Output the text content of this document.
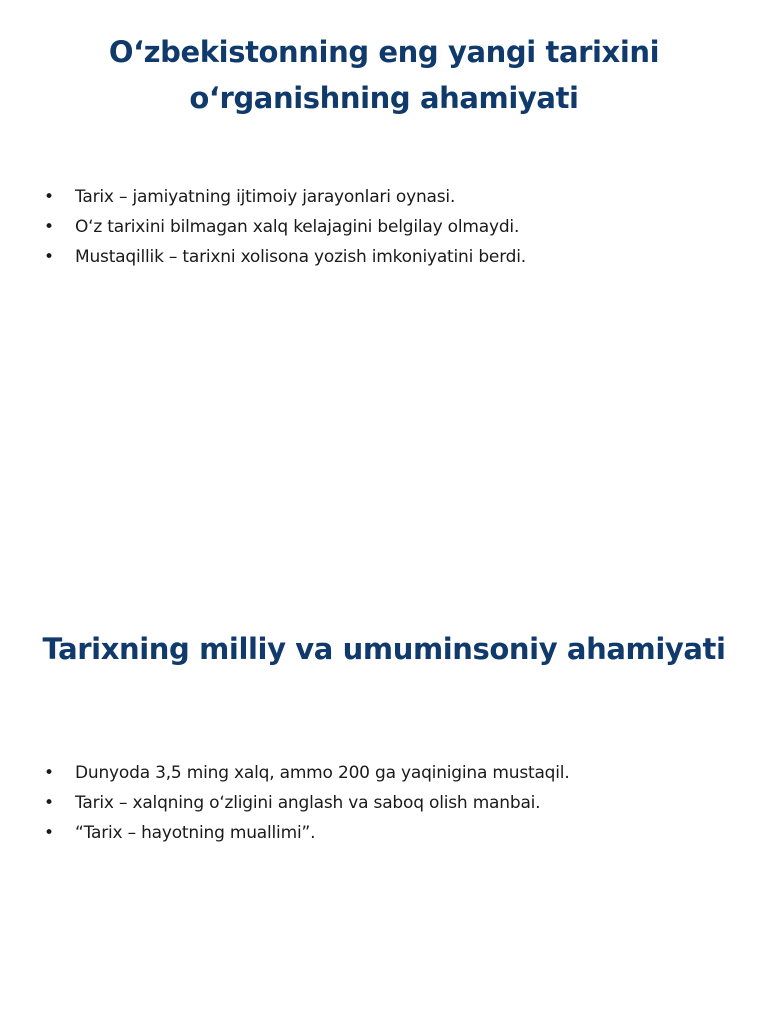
O‘zbekistonning eng yangi tarixini
o‘rganishning ahamiyati
•	Tarix – jamiyatning ijtimoiy jarayonlari oynasi.
•	O‘z tarixini bilmagan xalq kelajagini belgilay olmaydi.
•	Mustaqillik – tarixni xolisona yozish imkoniyatini berdi.
Tarixning milliy va umuminsoniy ahamiyati
•	Dunyoda 3,5 ming xalq, ammo 200 ga yaqinigina mustaqil.
•	Tarix – xalqning o‘zligini anglash va saboq olish manbai.
•	“Tarix – hayotning muallimi”.
